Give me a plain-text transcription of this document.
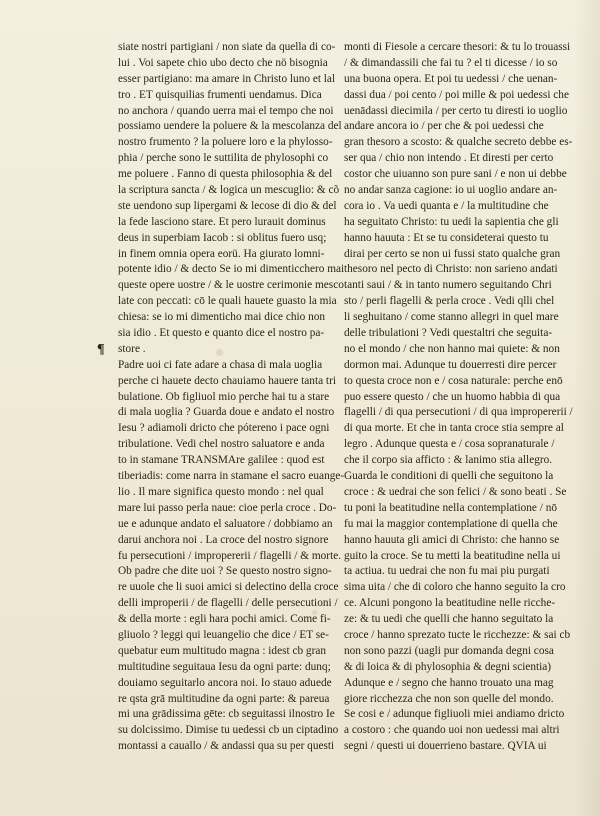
¶
siate nostri partigiani / non siate da quella di co-
lui . Voi sapete chio ubo decto che nö bisognia
esser partigiano: ma amare in Christo luno et lal
tro . ET quisquilias frumenti uendamus. Dica
no anchora / quando uerra mai el tempo che noi
possiamo uendere la poluere & la mescolanza del
nostro frumento ? la poluere loro e la phylosso-
phia / perche sono le suttilita de phylosophi co
me poluere . Fanno di questa philosophia & del
la scriptura sancta / & logica un mescuglio: & cõ
ste uendono sup lipergami & lecose di dio & del
la fede lasciono stare. Et pero lurauit dominus
deus in superbiam Iacob : si oblitus fuero usq;
in finem omnia opera eorü. Ha giurato lomni-
potente idio / & decto Se io mi dimenticchero mai
queste opere uostre / & le uostre cerimonie mesco
late con peccati: cō le quali hauete guasto la mia
chiesa: se io mi dimenticho mai dice chio non
sia idio . Et questo e quanto dice el nostro pa-
store .
Padre uoi ci fate adare a chasa di mala uoglia
perche ci hauete decto chauiamo hauere tanta tri
bulatione. Ob figliuol mio perche hai tu a stare
di mala uoglia ? Guarda doue e andato el nostro
Iesu ? adiamoli dricto che pótereno i pace ogni
tribulatione. Vedi chel nostro saluatore e anda
to in stamane TRANSMAre galilee : quod est
tiberiadis: come narra in stamane el sacro euange-
lio . Il mare significa questo mondo : nel qual
mare lui passo perla naue: cioe perla croce . Do-
ue e adunque andato el saluatore / dobbiamo an
darui anchora noi . La croce del nostro signore
fu persecutioni / impropererii / flagelli / & morte.
Ob padre che dite uoi ? Se questo nostro signo-
re uuole che li suoi amici si delectino della croce
delli improperii / de flagelli / delle persecutioni /
& della morte : egli hara pochi amici. Come fi-
gliuolo ? leggi qui leuangelio che dice / ET se-
quebatur eum multitudo magna : idest cb gran
multitudine seguitaua Iesu da ogni parte: dunq;
douiamo seguitarlo ancora noi. Io stauo aduede
re qsta grā multitudine da ogni parte: & pareua
mi una grādissima gēte: cb seguitassi ilnostro Ie
su dolcissimo. Dimise tu uedessi cb un ciptadino
montassi a cauallo / & andassi qua su per questi
monti di Fiesole a cercare thesori: & tu lo trouassi
/ & dimandassili che fai tu ? el ti dicesse / io so
una buona opera. Et poi tu uedessi / che uenan-
dassi dua / poi cento / poi mille & poi uedessi che
uenādassi diecimila / per certo tu diresti io uoglio
andare ancora io / per che & poi uedessi che
gran thesoro a scosto: & qualche secreto debbe es-
ser qua / chio non intendo . Et diresti per certo
costor che uiuanno son pure sani / e non ui debbe
no andar sanza cagione: io ui uoglio andare an-
cora io . Va uedi quanta e / la multitudine che
ha seguitato Christo: tu uedi la sapientia che gli
hanno hauuta : Et se tu consideterai questo tu
dirai per certo se non ui fussi stato qualche gran
thesoro nel pecto di Christo: non sarieno andati
tanti saui / & in tanto numero seguitando Chri
sto / perli flagelli & perla croce . Vedi qlli chel
li seghuitano / come stanno allegri in quel mare
delle tribulationi ? Vedi questaltri che seguita-
no el mondo / che non hanno mai quiete: & non
dormon mai. Adunque tu douerresti dire percer
to questa croce non e / cosa naturale: perche enō
puo essere questo / che un huomo habbia di qua
flagelli / di qua persecutioni / di qua impropererii /
di qua morte. Et che in tanta croce stia sempre al
legro . Adunque questa e / cosa sopranaturale /
che il corpo sia afficto : & lanimo stia allegro.
Guarda le conditioni di quelli che seguitono la
croce : & uedrai che son felici / & sono beati . Se
tu poni la beatitudine nella contemplatione / nō
fu mai la maggior contemplatione di quella che
hanno hauuta gli amici di Christo: che hanno se
guito la croce. Se tu metti la beatitudine nella ui
ta actiua. tu uedrai che non fu mai piu purgati
sima uita / che di coloro che hanno seguito la cro
ce. Alcuni pongono la beatitudine nelle ricche-
ze: & tu uedi che quelli che hanno seguitato la
croce / hanno sprezato tucte le ricchezze: & sai cb
non sono pazzi (uagli pur domanda degni cosa
& di loica & di phylosophia & degni scientia)
Adunque e / segno che hanno trouato una mag
giore ricchezza che non son quelle del mondo.
Se cosi e / adunque figliuoli miei andiamo dricto
a costoro : che quando uoi non uedessi mai altri
segni / questi ui douerrieno bastare. QVIA ui
